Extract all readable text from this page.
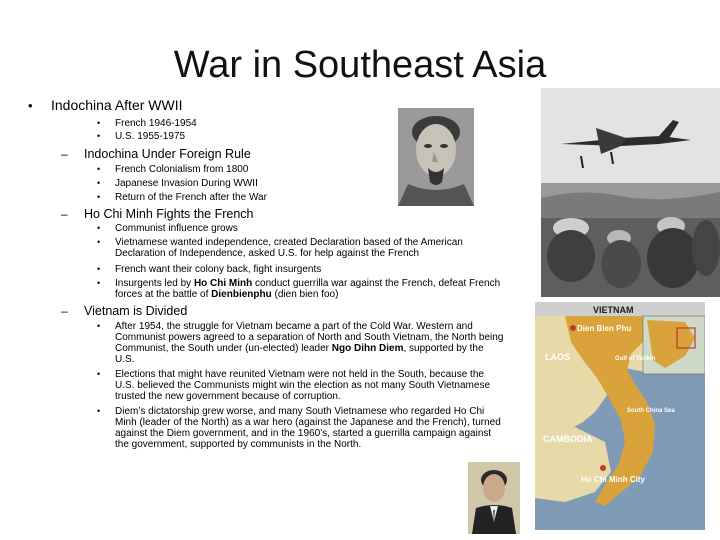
War in Southeast Asia
• Indochina After WWII
• French 1946-1954
• U.S. 1955-1975
– Indochina Under Foreign Rule
• French Colonialism from 1800
• Japanese Invasion During WWII
• Return of the French after the War
– Ho Chi Minh Fights the French
• Communist influence grows
• Vietnamese wanted independence, created Declaration based of the American Declaration of Independence, asked U.S. for help against the French
• French want their colony back, fight insurgents
• Insurgents led by Ho Chi Minh conduct guerrilla war against the French, defeat French forces at the battle of Dienbienphu (dien bien foo)
– Vietnam is Divided
• After 1954, the struggle for Vietnam became a part of the Cold War. Western and Communist powers agreed to a separation of North and South Vietnam, the North being Communist, the South under (un-elected) leader Ngo Dihn Diem, supported by the U.S.
• Elections that might have reunited Vietnam were not held in the South, because the U.S. believed the Communists might win the election as not many South Vietnamese trusted the new government because of corruption.
• Diem’s dictatorship grew worse, and many South Vietnamese who regarded Ho Chi Minh (leader of the North) as a war hero (against the Japanese and the French), turned against the Diem government, and in the 1960’s, started a guerrilla campaign against the government, supported by communists in the North.
VIETNAM
Dien Bien Phu
LAOS	Gulf of Tonkin
South China Sea
CAMBODIA
Ho Chi Minh City
